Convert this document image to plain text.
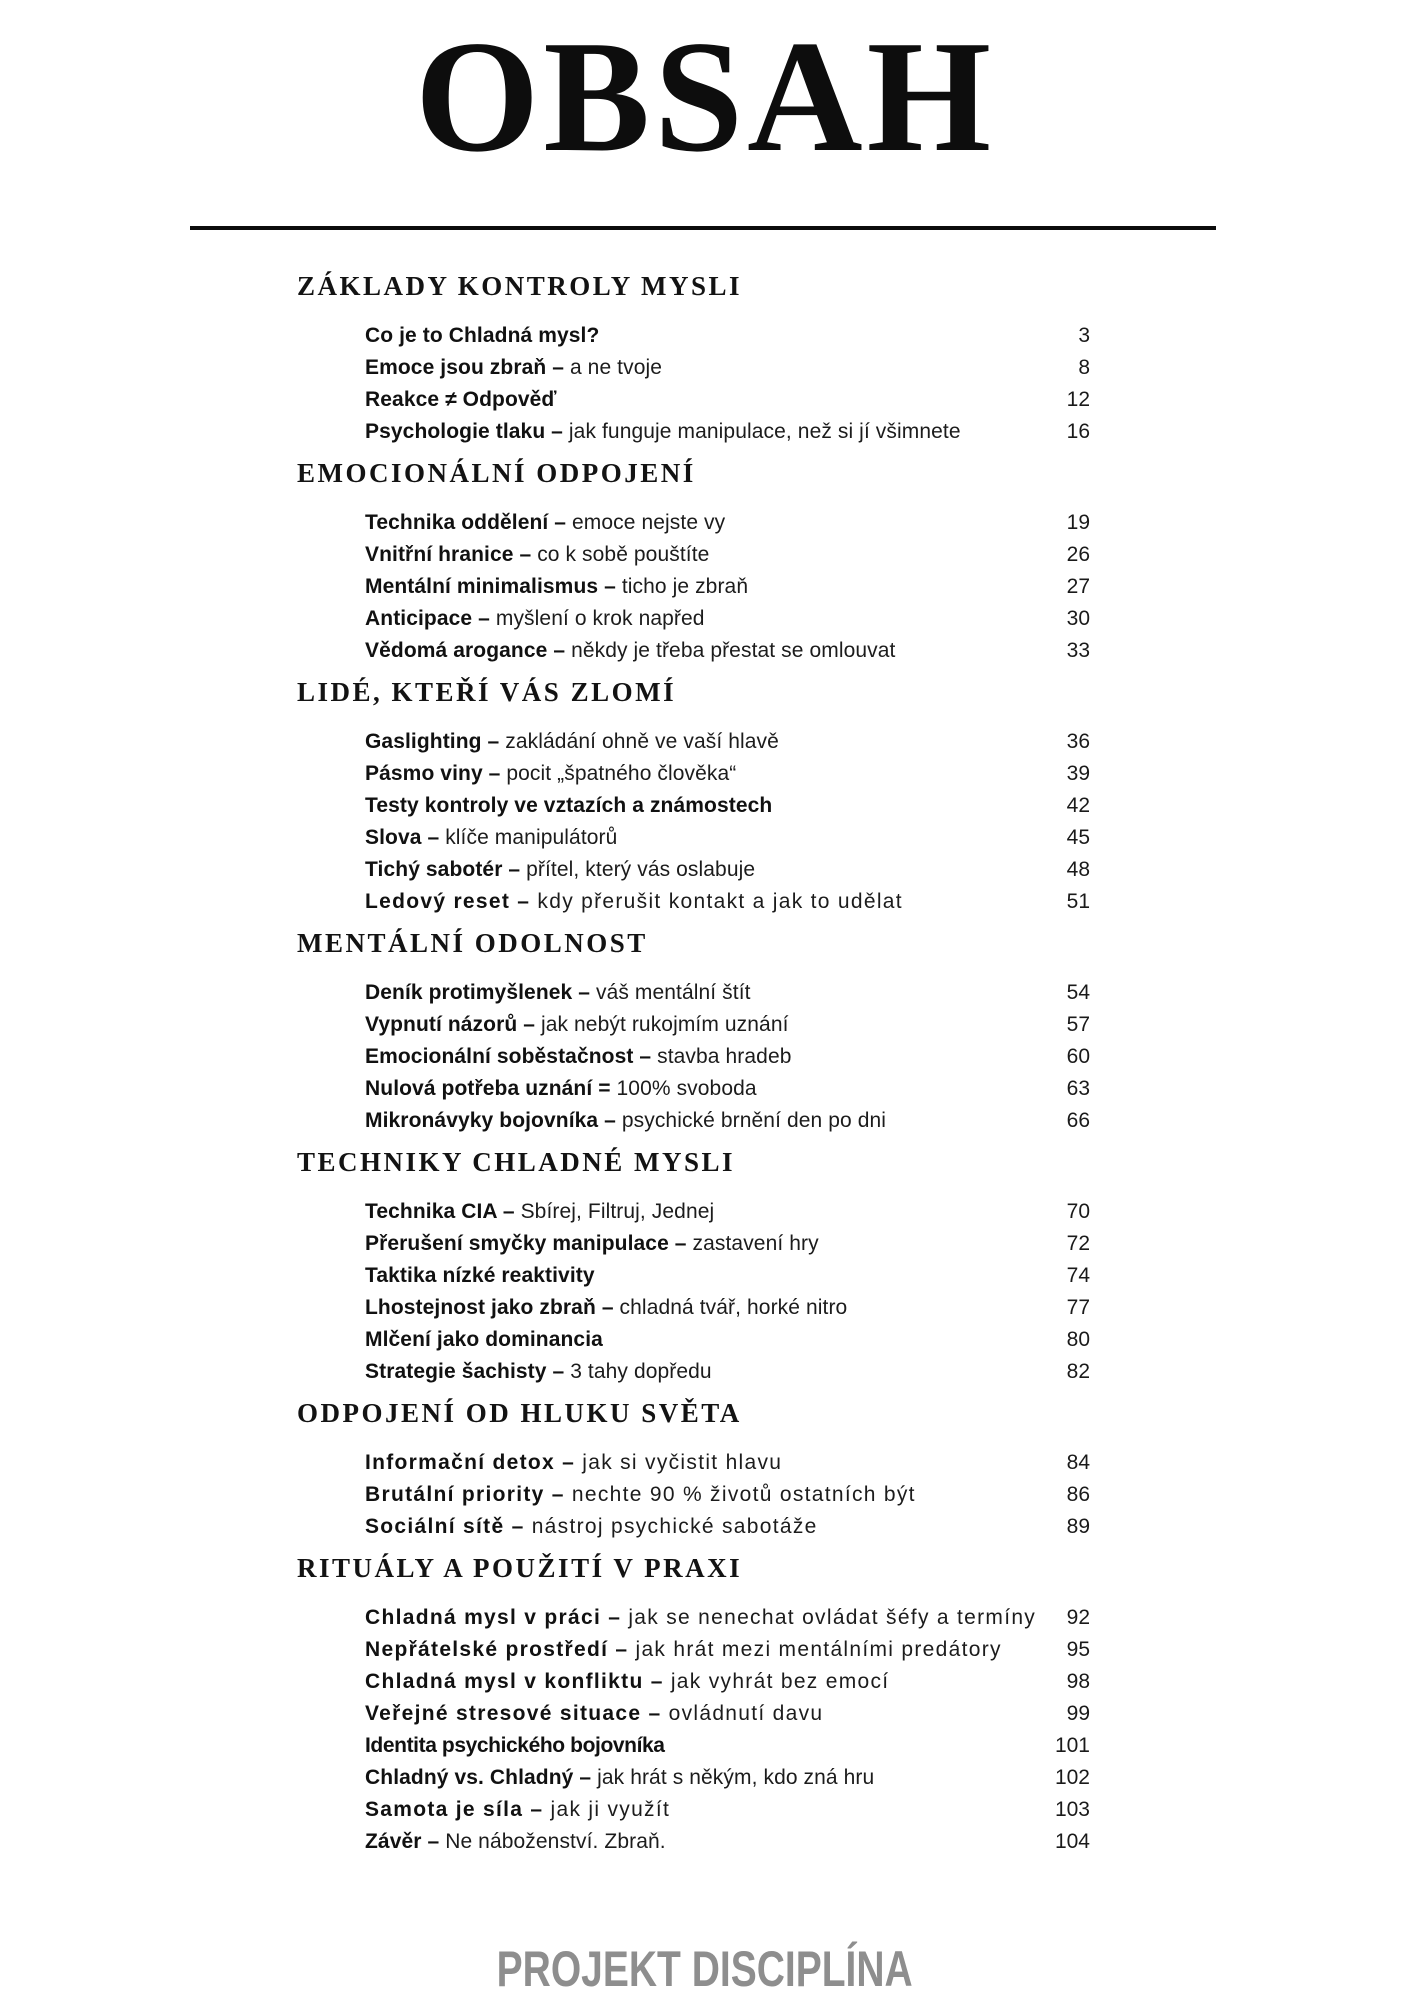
OBSAH
ZÁKLADY KONTROLY MYSLI
Co je to Chladná mysl?	3
Emoce jsou zbraň – a ne tvoje	8
Reakce ≠ Odpověď	12
Psychologie tlaku – jak funguje manipulace, než si jí všimnete	16
EMOCIONÁLNÍ ODPOJENÍ
Technika oddělení – emoce nejste vy	19
Vnitřní hranice – co k sobě pouštíte	26
Mentální minimalismus – ticho je zbraň	27
Anticipace – myšlení o krok napřed	30
Vědomá arogance – někdy je třeba přestat se omlouvat	33
LIDÉ, KTEŘÍ VÁS ZLOMÍ
Gaslighting – zakládání ohně ve vaší hlavě	36
Pásmo viny – pocit „špatného člověka“	39
Testy kontroly ve vztazích a známostech	42
Slova – klíče manipulátorů	45
Tichý sabotér – přítel, který vás oslabuje	48
Ledový reset – kdy přerušit kontakt a jak to udělat	51
MENTÁLNÍ ODOLNOST
Deník protimyšlenek – váš mentální štít	54
Vypnutí názorů – jak nebýt rukojmím uznání	57
Emocionální soběstačnost – stavba hradeb	60
Nulová potřeba uznání = 100% svoboda	63
Mikronávyky bojovníka – psychické brnění den po dni	66
TECHNIKY CHLADNÉ MYSLI
Technika CIA – Sbírej, Filtruj, Jednej	70
Přerušení smyčky manipulace – zastavení hry	72
Taktika nízké reaktivity	74
Lhostejnost jako zbraň – chladná tvář, horké nitro	77
Mlčení jako dominancia	80
Strategie šachisty – 3 tahy dopředu	82
ODPOJENÍ OD HLUKU SVĚTA
Informační detox – jak si vyčistit hlavu	84
Brutální priority – nechte 90 % životů ostatních být	86
Sociální sítě – nástroj psychické sabotáže	89
RITUÁLY A POUŽITÍ V PRAXI
Chladná mysl v práci – jak se nenechat ovládat šéfy a termíny	92
Nepřátelské prostředí – jak hrát mezi mentálními predátory	95
Chladná mysl v konfliktu – jak vyhrát bez emocí	98
Veřejné stresové situace – ovládnutí davu	99
Identita psychického bojovníka	101
Chladný vs. Chladný – jak hrát s někým, kdo zná hru	102
Samota je síla – jak ji využít	103
Závěr – Ne náboženství. Zbraň.	104
PROJEKT DISCIPLÍNA
